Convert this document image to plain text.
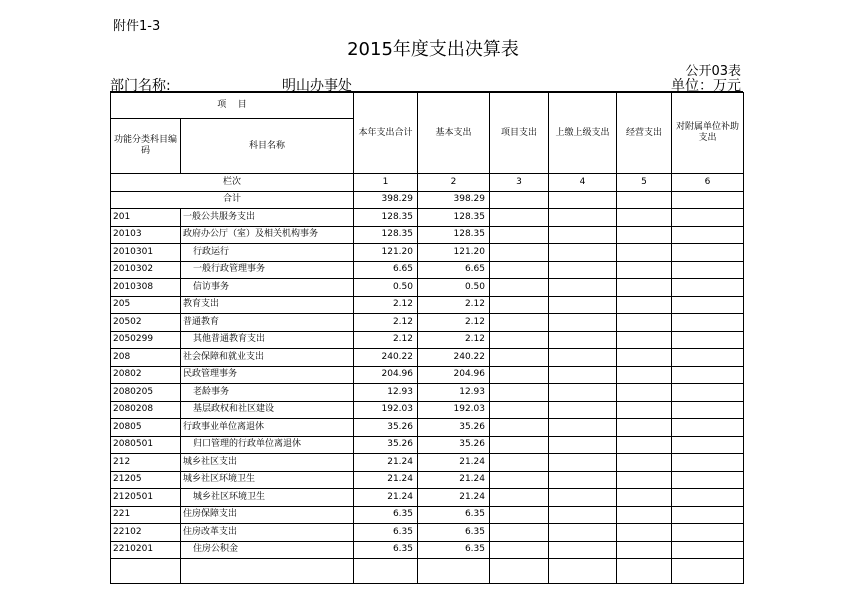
附件1-3
2015年度支出决算表
公开03表
部门名称:	明山办事处	单位：万元
项    目		本年支出合计	基本支出	项目支出	上缴上级支出	经营支出	对附属单位补助支出
功能分类科目编码	科目名称						
栏次		1	2	3	4	5	6
合计		398.29	398.29				
201	一般公共服务支出	128.35	128.35				
20103	政府办公厅（室）及相关机构事务	128.35	128.35				
2010301	行政运行	121.20	121.20				
2010302	一般行政管理事务	6.65	6.65				
2010308	信访事务	0.50	0.50				
205	教育支出	2.12	2.12				
20502	普通教育	2.12	2.12				
2050299	其他普通教育支出	2.12	2.12				
208	社会保障和就业支出	240.22	240.22				
20802	民政管理事务	204.96	204.96				
2080205	老龄事务	12.93	12.93				
2080208	基层政权和社区建设	192.03	192.03				
20805	行政事业单位离退休	35.26	35.26				
2080501	归口管理的行政单位离退休	35.26	35.26				
212	城乡社区支出	21.24	21.24				
21205	城乡社区环境卫生	21.24	21.24				
2120501	城乡社区环境卫生	21.24	21.24				
221	住房保障支出	6.35	6.35				
22102	住房改革支出	6.35	6.35				
2210201	住房公积金	6.35	6.35				
